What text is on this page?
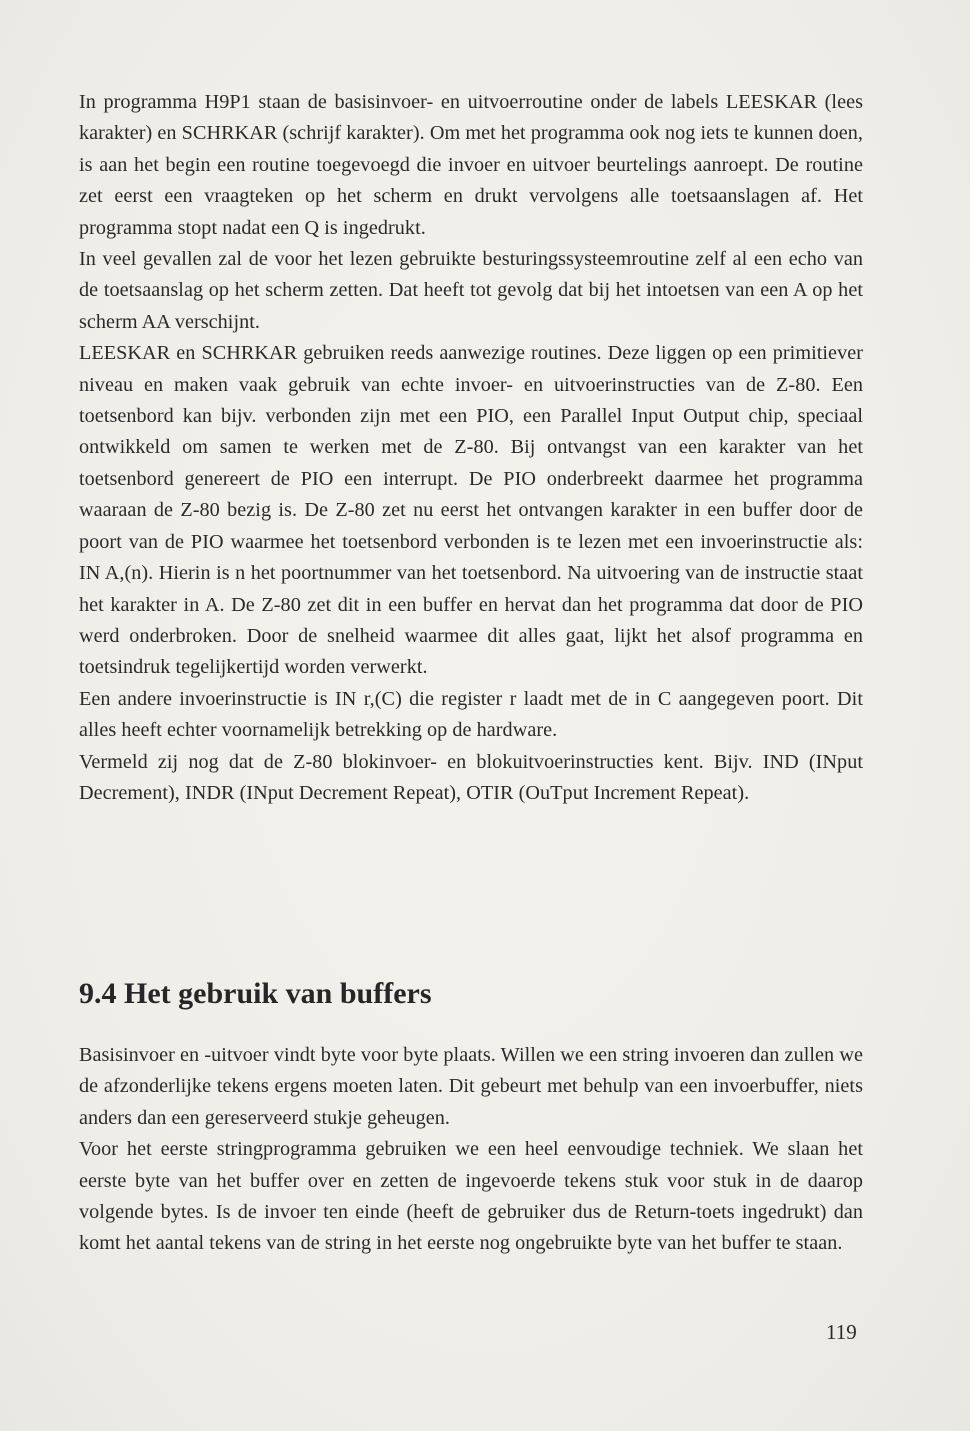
In programma H9P1 staan de basisinvoer- en uitvoerroutine onder de labels LEESKAR (lees karakter) en SCHRKAR (schrijf karakter). Om met het programma ook nog iets te kunnen doen, is aan het begin een routine toegevoegd die invoer en uitvoer beurtelings aanroept. De routine zet eerst een vraagteken op het scherm en drukt vervolgens alle toetsaanslagen af. Het programma stopt nadat een Q is ingedrukt.

In veel gevallen zal de voor het lezen gebruikte besturingssysteemroutine zelf al een echo van de toetsaanslag op het scherm zetten. Dat heeft tot gevolg dat bij het intoetsen van een A op het scherm AA verschijnt.

LEESKAR en SCHRKAR gebruiken reeds aanwezige routines. Deze liggen op een primitiever niveau en maken vaak gebruik van echte invoer- en uitvoerinstructies van de Z-80. Een toetsenbord kan bijv. verbonden zijn met een PIO, een Parallel Input Output chip, speciaal ontwikkeld om samen te werken met de Z-80. Bij ontvangst van een karakter van het toetsenbord genereert de PIO een interrupt. De PIO onderbreekt daarmee het programma waaraan de Z-80 bezig is. De Z-80 zet nu eerst het ontvangen karakter in een buffer door de poort van de PIO waarmee het toetsenbord verbonden is te lezen met een invoerinstructie als: IN A,(n). Hierin is n het poortnummer van het toetsenbord. Na uitvoering van de instructie staat het karakter in A. De Z-80 zet dit in een buffer en hervat dan het programma dat door de PIO werd onderbroken. Door de snelheid waarmee dit alles gaat, lijkt het alsof programma en toetsindruk tegelijkertijd worden verwerkt.

Een andere invoerinstructie is IN r,(C) die register r laadt met de in C aangegeven poort. Dit alles heeft echter voornamelijk betrekking op de hardware.

Vermeld zij nog dat de Z-80 blokinvoer- en blokuitvoerinstructies kent. Bijv. IND (INput Decrement), INDR (INput Decrement Repeat), OTIR (OuTput Increment Repeat).

9.4 Het gebruik van buffers

Basisinvoer en -uitvoer vindt byte voor byte plaats. Willen we een string invoeren dan zullen we de afzonderlijke tekens ergens moeten laten. Dit gebeurt met behulp van een invoerbuffer, niets anders dan een gereserveerd stukje geheugen.

Voor het eerste stringprogramma gebruiken we een heel eenvoudige techniek. We slaan het eerste byte van het buffer over en zetten de ingevoerde tekens stuk voor stuk in de daarop volgende bytes. Is de invoer ten einde (heeft de gebruiker dus de Return-toets ingedrukt) dan komt het aantal tekens van de string in het eerste nog ongebruikte byte van het buffer te staan.

119
